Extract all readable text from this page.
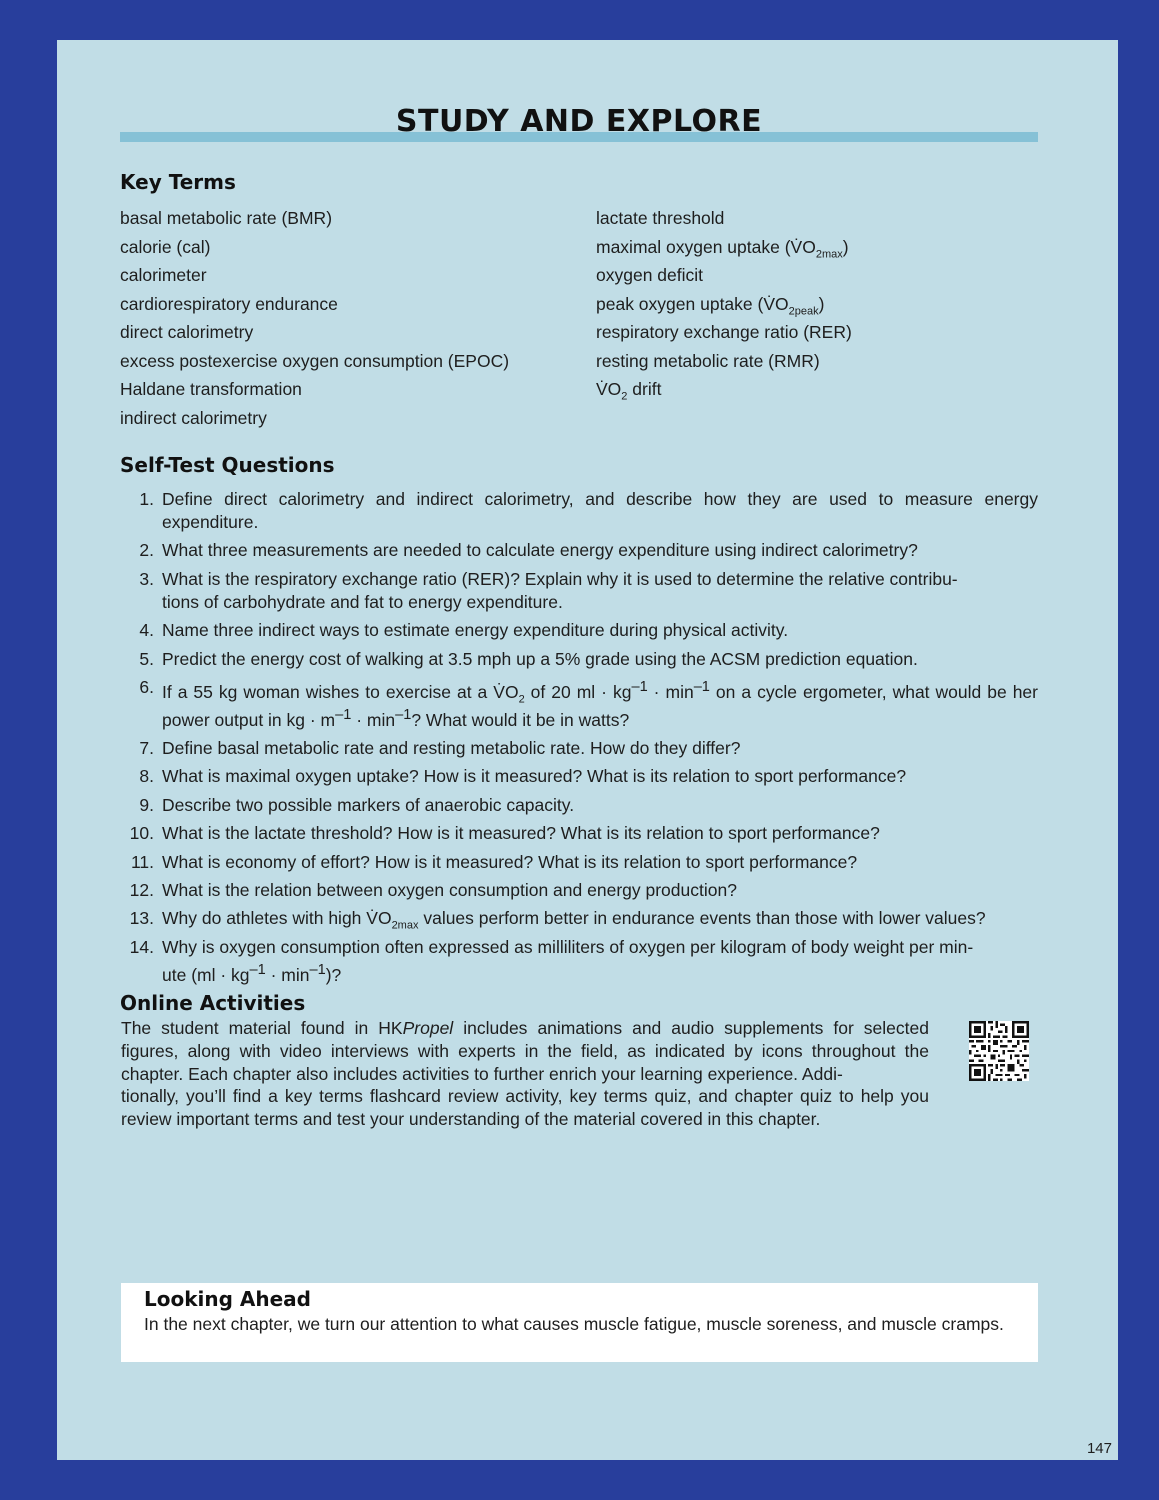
STUDY AND EXPLORE
Key Terms
basal metabolic rate (BMR)
calorie (cal)
calorimeter
cardiorespiratory endurance
direct calorimetry
excess postexercise oxygen consumption (EPOC)
Haldane transformation
indirect calorimetry
lactate threshold
maximal oxygen uptake $(V̇O_{2max})$
oxygen deficit
peak oxygen uptake $(V̇O_{2peak})$
respiratory exchange ratio (RER)
resting metabolic rate (RMR)
$V̇O_2$ drift
Self-Test Questions
1. Define direct calorimetry and indirect calorimetry, and describe how they are used to measure energy expenditure.
2. What three measurements are needed to calculate energy expenditure using indirect calorimetry?
3. What is the respiratory exchange ratio (RER)? Explain why it is used to determine the relative contribu-
tions of carbohydrate and fat to energy expenditure.
4. Name three indirect ways to estimate energy expenditure during physical activity.
5. Predict the energy cost of walking at 3.5 mph up a 5% grade using the ACSM prediction equation.
6. If a 55 kg woman wishes to exercise at a $V̇O_2$ of 20 ml · $kg^{-1} \cdot \min^{-1}$ on a cycle ergometer, what would be her power output in kg · $m^{-1} \cdot \min^{-1}$? What would it be in watts?
7. Define basal metabolic rate and resting metabolic rate. How do they differ?
8. What is maximal oxygen uptake? How is it measured? What is its relation to sport performance?
9. Describe two possible markers of anaerobic capacity.
10. What is the lactate threshold? How is it measured? What is its relation to sport performance?
11. What is economy of effort? How is it measured? What is its relation to sport performance?
12. What is the relation between oxygen consumption and energy production?
13. Why do athletes with high $V̇O_{2max}$ values perform better in endurance events than those with lower values?
14. Why is oxygen consumption often expressed as milliliters of oxygen per kilogram of body weight per min-
ute $(ml \cdot kg^{-1} \cdot \min^{-1})$?
Online Activities

The student material found in HKPropel includes animations and audio supplements for selected figures, along with video interviews with experts in the field, as indicated by icons throughout the chapter. Each chapter also includes activities to further enrich your learning experience. Addi-
tionally, you’ll find a key terms flashcard review activity, key terms quiz, and chapter quiz to help you review important terms and test your understanding of the material covered in this chapter.

Looking Ahead

In the next chapter, we turn our attention to what causes muscle fatigue, muscle soreness, and muscle cramps.

147
